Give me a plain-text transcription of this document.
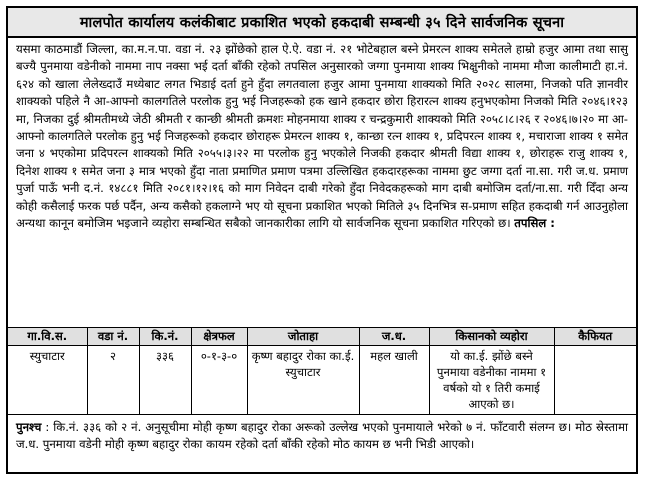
मालपोत कार्यालय कलंकीबाट प्रकाशित भएको हकदाबी सम्बन्धी ३५ दिने सार्वजनिक सूचना
यसमा काठमाडौं जिल्ला, का.म.न.पा. वडा नं. २३ झोंछेको हाल ऐ.ऐ. वडा नं. २१ भोटेबहाल बस्ने प्रेमरत्न शाक्य समेतले हाम्रो हजुर आमा तथा सासु बज्यै पुनमाया वडेनीको नाममा नाप नक्सा भई दर्ता बाँकी रहेको तपसिल अनुसारको जग्गा पुनमाया शाक्य भिक्षुनीको नाममा मौजा कालीमाटी हा.नं. ६२४ को खाला लेलेख्दाउँ मध्येबाट लगत भिडाई दर्ता हुने हुँदा लगतवाला हजुर आमा पुनमाया शाक्यको मिति २०२८ सालमा, निजको पति ज्ञानवीर शाक्यको पहिले नै आ-आफ्नो कालगतिले परलोक हुनु भई निजहरूको हक खाने हकदार छोरा हिरारत्न शाक्य हनुभएकोमा निजको मिति २०४६।१२३ मा, निजका दुई श्रीमतीमध्ये जेठी श्रीमती र कान्छी श्रीमती क्रमशः मोहनमाया शाक्य र चन्द्रकुमारी शाक्यको मिति २०५८।८।२६ र २०४६।७।२० मा आ-आफ्नो कालगतिले परलोक हुनु भई निजहरूको हकदार छोराहरू प्रेमरत्न शाक्य १, कान्छा रत्न शाक्य १, प्रदिपरत्न शाक्य १, मचाराजा शाक्य १ समेत जना ४ भएकोमा प्रदिपरत्न शाक्यको मिति २०५५।३।२२ मा परलोक हुनु भएकोले निजकी हकदार श्रीमती विद्या शाक्य १, छोराहरू राजु शाक्य १, दिनेश शाक्य १ समेत जना ३ मात्र भएको हुँदा नाता प्रमाणित प्रमाण पत्रमा उल्लिखित हकदारहरूका नाममा छुट जग्गा दर्ता ना.सा. गरी ज.ध. प्रमाण पुर्जा पाऊँ भनी द.नं. १४८८१ मिति २०८१।१२।१६ को माग निवेदन दाबी गरेको हुँदा निवेदकहरूको माग दाबी बमोजिम दर्ता/ना.सा. गरी दिँदा अन्य कोही कसैलाई फरक पर्छ पर्दैन, अन्य कसैको हकलाग्ने भए यो सूचना प्रकाशित भएको मितिले ३५ दिनभित्र स-प्रमाण सहित हकदाबी गर्न आउनुहोला अन्यथा कानून बमोजिम भइजाने व्यहोरा सम्बन्धित सबैको जानकारीका लागि यो सार्वजनिक सूचना प्रकाशित गरिएको छ। तपसिल :
गा.वि.स.	वडा नं.	कि.नं.	क्षेत्रफल	जोताहा	ज.ध.	किसानको व्यहोरा	कैफियत
स्युचाटार	२	३३६	०-१-३-०	कृष्ण बहादुर रोका का.ई. स्युचाटार	महल खाली	यो का.ई. झोंछे बस्ने पुनमाया वडेनीका नाममा १ वर्षको यो १ तिरी कमाई आएको छ।	
पुनश्च : कि.नं. ३३६ को २ नं. अनुसूचीमा मोही कृष्ण बहादुर रोका अरूको उल्लेख भएको पुनमायाले भरेको ७ नं. फाँटवारी संलग्न छ। मोठ स्रेस्तामा ज.ध. पुनमाया वडेनी मोही कृष्ण बहादुर रोका कायम रहेको दर्ता बाँकी रहेको मोठ कायम छ भनी भिडी आएको।
